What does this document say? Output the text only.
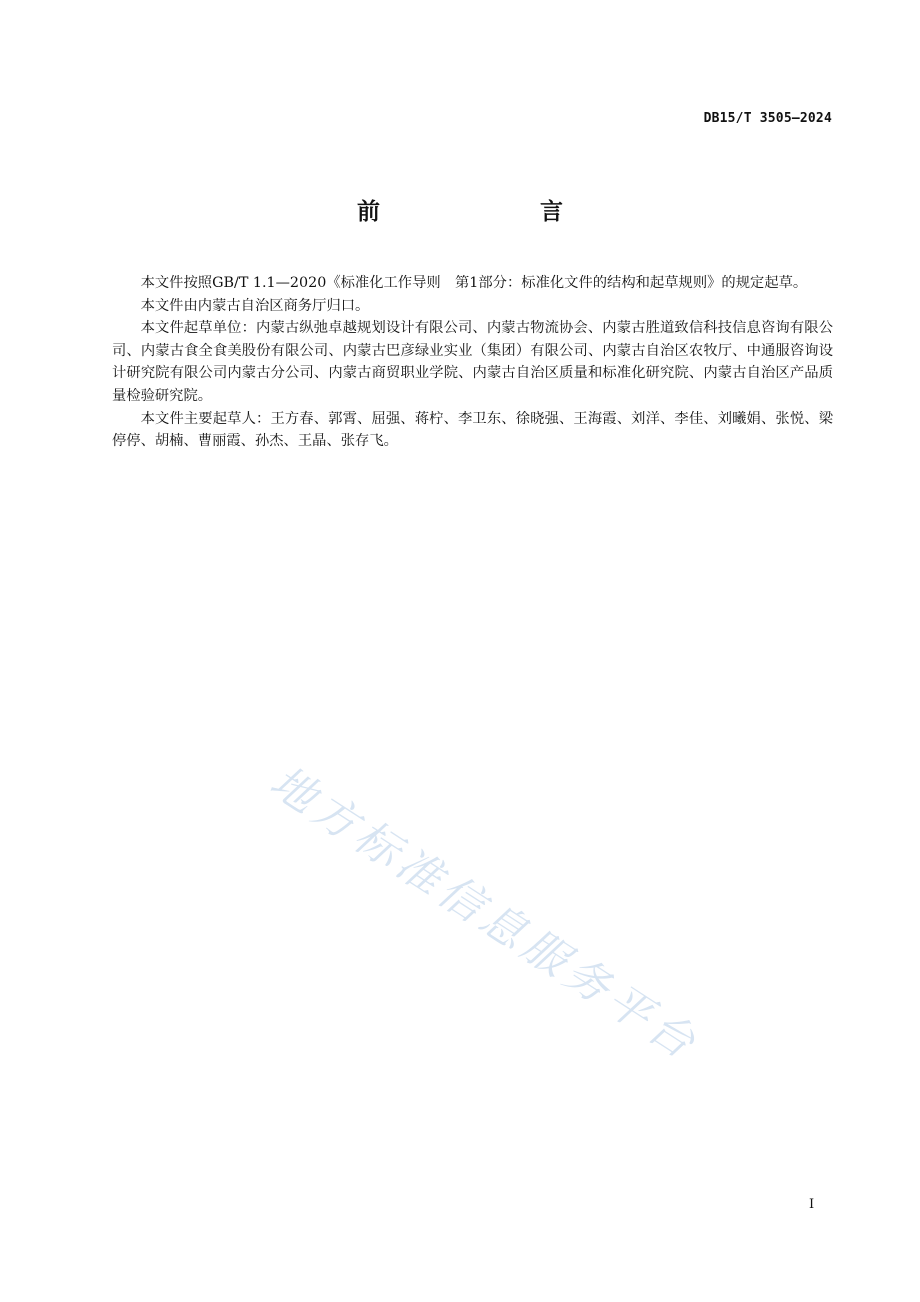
DB15/T 3505—2024
前　　言

本文件按照GB/T 1.1—2020《标准化工作导则　第1部分：标准化文件的结构和起草规则》的规定起草。

本文件由内蒙古自治区商务厅归口。

本文件起草单位：内蒙古纵弛卓越规划设计有限公司、内蒙古物流协会、内蒙古胜道致信科技信息咨询有限公司、内蒙古食全食美股份有限公司、内蒙古巴彦绿业实业（集团）有限公司、内蒙古自治区农牧厅、中通服咨询设计研究院有限公司内蒙古分公司、内蒙古商贸职业学院、内蒙古自治区质量和标准化研究院、内蒙古自治区产品质量检验研究院。

本文件主要起草人：王方春、郭霄、屈强、蒋柠、李卫东、徐晓强、王海霞、刘洋、李佳、刘曦娟、张悦、梁停停、胡楠、曹丽霞、孙杰、王晶、张存飞。

地方标准信息服务平台
I
